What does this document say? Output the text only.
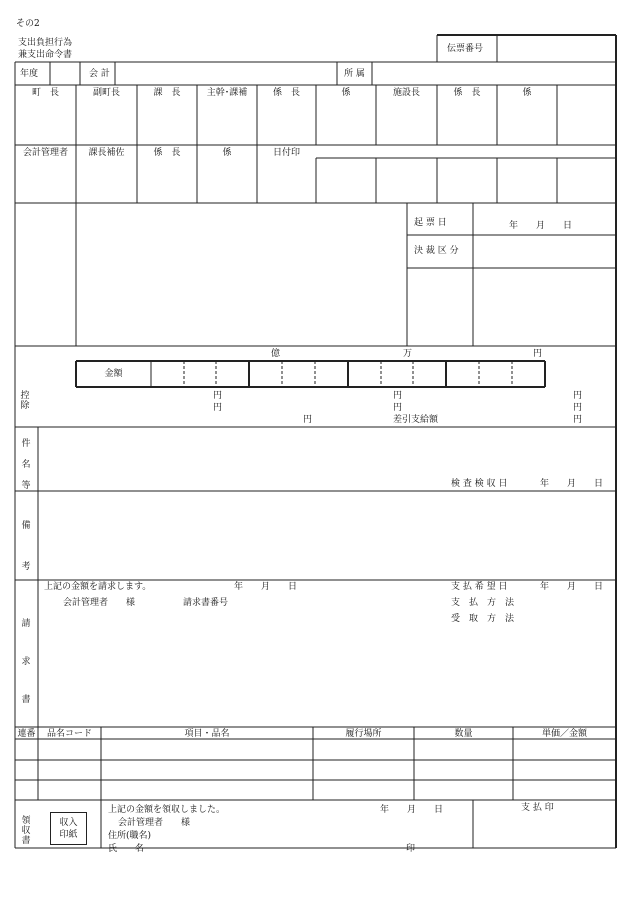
その2
支出負担行為
兼支出命令書
伝票番号
年度	会 計	所 属
町　長	副町長	課　長	主幹･課補	係　長	係	施設長	係　長	係
会計管理者	課長補佐	係　長	係	日付印
起 票 日	年　　月　　日
決 裁 区 分
億	万	円
金額
控除
円	円	円
円	円	円
円	差引支給額	円
件名等	検 査 検 収 日	年　　月　　日
備考
請求書
上記の金額を請求します。	年　　月　　日
会計管理者　　様	請求書番号
支 払 希 望 日	年　　月　　日
支　払　方　法
受　取　方　法
連番	品名コード	項目・品名	履行場所	数量	単価／金額
領収書
収入
印紙
上記の金額を領収しました。	年　　月　　日
会計管理者　　様
住所(職名)
氏　　名	印
支 払 印
